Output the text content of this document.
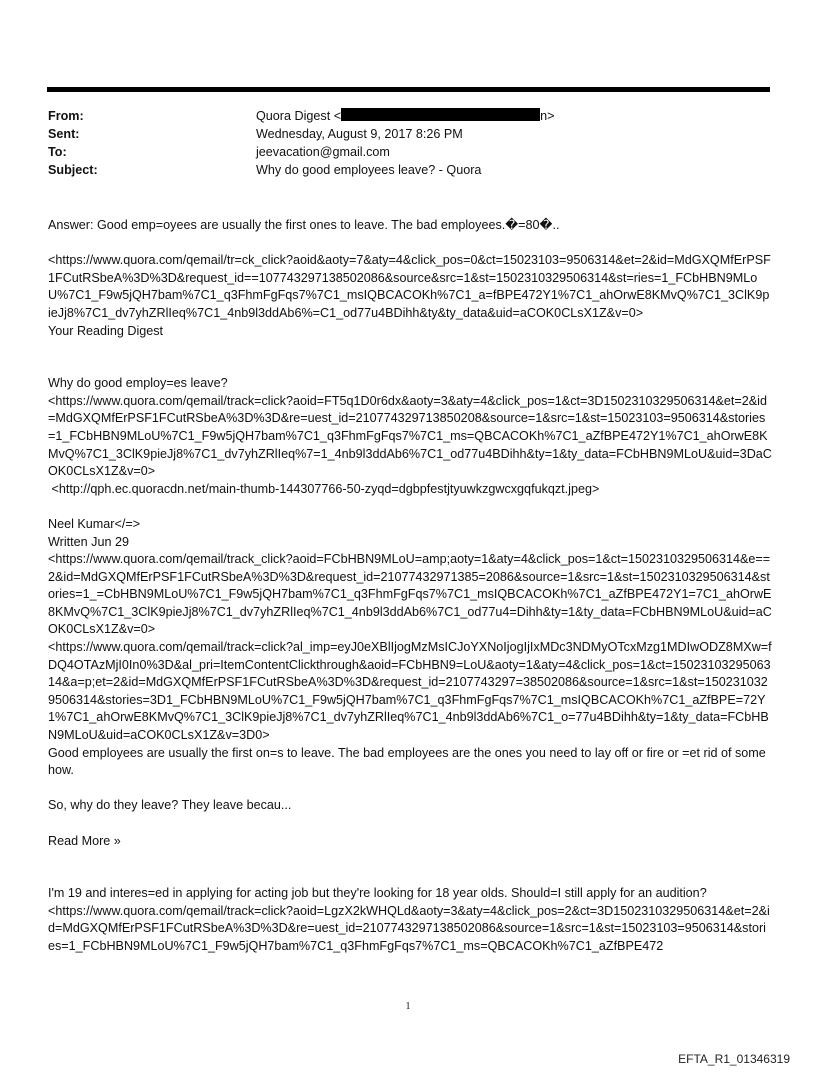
From:	Quora Digest <	n>
Sent:	Wednesday, August 9, 2017 8:26 PM
To:	jeevacation@gmail.com
Subject:	Why do good employees leave? - Quora

Answer: Good emp=oyees are usually the first ones to leave. The bad employees.�=80�..

<https://www.quora.com/qemail/tr=ck_click?aoid&aoty=7&aty=4&click_pos=0&ct=15023103=9506314&et=2&id=MdGXQMfErPSF1FCutRSbeA%3D%3D&request_id==107743297138502086&source&src=1&st=1502310329506314&st=ries=1_FCbHBN9MLoU%7C1_F9w5jQH7bam%7C1_q3FhmFgFqs7%7C1_msIQBCACOKh%7C1_a=fBPE472Y1%7C1_ahOrwE8KMvQ%7C1_3ClK9pieJj8%7C1_dv7yhZRlIeq%7C1_4nb9l3ddAb6%=C1_od77u4BDihh&ty&ty_data&uid=aCOK0CLsX1Z&v=0>

Your Reading Digest

Why do good employ=es leave?

<https://www.quora.com/qemail/track=click?aoid=FT5q1D0r6dx&aoty=3&aty=4&click_pos=1&ct=3D1502310329506314&et=2&id=MdGXQMfErPSF1FCutRSbeA%3D%3D&re=uest_id=210774329713850208&source=1&src=1&st=15023103=9506314&stories=1_FCbHBN9MLoU%7C1_F9w5jQH7bam%7C1_q3FhmFgFqs7%7C1_ms=QBCACOKh%7C1_aZfBPE472Y1%7C1_ahOrwE8KMvQ%7C1_3ClK9pieJj8%7C1_dv7yhZRlIeq%7=1_4nb9l3ddAb6%7C1_od77u4BDihh&ty=1&ty_data=FCbHBN9MLoU&uid=3DaCOK0CLsX1Z&v=0>

<http://qph.ec.quoracdn.net/main-thumb-144307766-50-zyqd=dgbpfestjtyuwkzgwcxgqfukqzt.jpeg>

Neel Kumar</=>

Written Jun 29

<https://www.quora.com/qemail/track_click?aoid=FCbHBN9MLoU=amp;aoty=1&aty=4&click_pos=1&ct=1502310329506314&e==2&id=MdGXQMfErPSF1FCutRSbeA%3D%3D&request_id=21077432971385=2086&source=1&src=1&st=1502310329506314&stories=1_=CbHBN9MLoU%7C1_F9w5jQH7bam%7C1_q3FhmFgFqs7%7C1_msIQBCACOKh%7C1_aZfBPE472Y1=7C1_ahOrwE8KMvQ%7C1_3ClK9pieJj8%7C1_dv7yhZRlIeq%7C1_4nb9l3ddAb6%7C1_od77u4=Dihh&ty=1&ty_data=FCbHBN9MLoU&uid=aCOK0CLsX1Z&v=0>

<https://www.quora.com/qemail/track=click?al_imp=eyJ0eXBlIjogMzMsICJoYXNoIjogIjIxMDc3NDMyOTcxMzg1MDIwODZ8MXw=fDQ4OTAzMjI0In0%3D&al_pri=ItemContentClickthrough&aoid=FCbHBN9=LoU&aoty=1&aty=4&click_pos=1&ct=1502310329506314&a=p;et=2&id=MdGXQMfErPSF1FCutRSbeA%3D%3D&request_id=2107743297=38502086&source=1&src=1&st=1502310329506314&stories=3D1_FCbHBN9MLoU%7C1_F9w5jQH7bam%7C1_q3FhmFgFqs7%7C1_msIQBCACOKh%7C1_aZfBPE=72Y1%7C1_ahOrwE8KMvQ%7C1_3ClK9pieJj8%7C1_dv7yhZRlIeq%7C1_4nb9l3ddAb6%7C1_o=77u4BDihh&ty=1&ty_data=FCbHBN9MLoU&uid=aCOK0CLsX1Z&v=3D0>

Good employees are usually the first on=s to leave. The bad employees are the ones you need to lay off or fire or =et rid of somehow.

So, why do they leave? They leave becau...

Read More »

I'm 19 and interes=ed in applying for acting job but they're looking for 18 year olds. Should=I still apply for an audition?

<https://www.quora.com/qemail/track=click?aoid=LgzX2kWHQLd&aoty=3&aty=4&click_pos=2&ct=3D1502310329506314&et=2&id=MdGXQMfErPSF1FCutRSbeA%3D%3D&re=uest_id=2107743297138502086&source=1&src=1&st=15023103=9506314&stories=1_FCbHBN9MLoU%7C1_F9w5jQH7bam%7C1_q3FhmFgFqs7%7C1_ms=QBCACOKh%7C1_aZfBPE472

1
EFTA_R1_01346319
